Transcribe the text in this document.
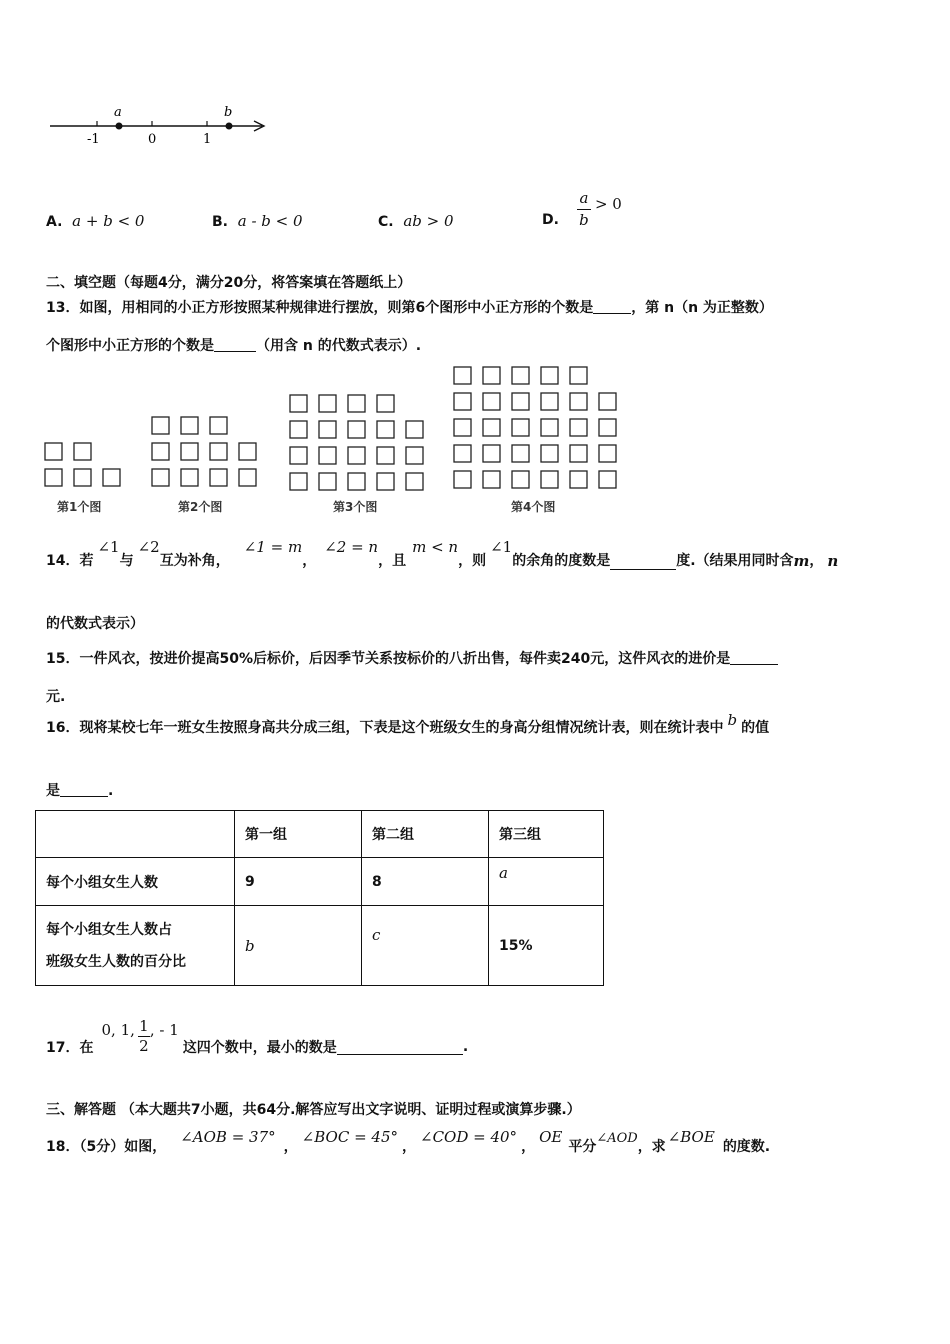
a	b
-1	0	1
A. a + b < 0	B. a - b < 0	C. ab > 0	D.
a
b
> 0
二、填空题（每题4分，满分20分，将答案填在答题纸上）
13．如图，用相同的小正方形按照某种规律进行摆放，则第6个图形中小正方形的个数是	，第 n（n 为正整数）
个图形中小正方形的个数是	（用含 n 的代数式表示）.
第1个图	第2个图	第3个图	第4个图
14．若
∠1
与
∠2
互为补角，
∠1 = m
，
∠2 = n
，且
m < n
，则
∠1
的余角的度数是	度.（结果用同时含 m ， n
的代数式表示）
15．一件风衣，按进价提高50%后标价，后因季节关系按标价的八折出售，每件卖240元，这件风衣的进价是
元.
16．现将某校七年一班女生按照身高共分成三组，下表是这个班级女生的身高分组情况统计表，则在统计表中 b 的值
是	.
	第一组	第二组	第三组
每个小组女生人数	9	8	a

每个小组女生人数占
班级女生人数的百分比	b	c	15%
17．在
0, 1, $\frac{1}{2}$ , - 1
这四个数中，最小的数是	.
三、解答题 （本大题共7小题，共64分.解答应写出文字说明、证明过程或演算步骤.）
18．（5分）如图，
∠AOB = 37°
，
∠BOC = 45°
，
∠COD = 40°
，
OE
平分
∠AOD
，求
∠BOE
的度数.
